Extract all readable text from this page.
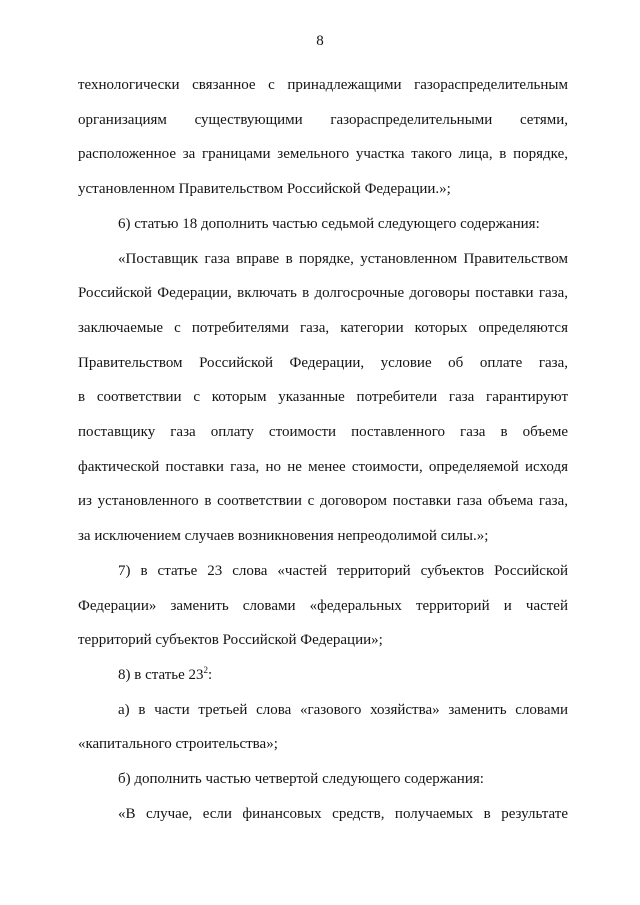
8

технологически связанное с принадлежащими газораспределительным
организациям существующими газораспределительными сетями,
расположенное за границами земельного участка такого лица, в порядке,
установленном Правительством Российской Федерации.»;

6) статью 18 дополнить частью седьмой следующего содержания:

«Поставщик газа вправе в порядке, установленном Правительством
Российской Федерации, включать в долгосрочные договоры поставки газа,
заключаемые с потребителями газа, категории которых определяются
Правительством Российской Федерации, условие об оплате газа,
в соответствии с которым указанные потребители газа гарантируют
поставщику газа оплату стоимости поставленного газа в объеме
фактической поставки газа, но не менее стоимости, определяемой исходя
из установленного в соответствии с договором поставки газа объема газа,
за исключением случаев возникновения непреодолимой силы.»;

7) в статье 23 слова «частей территорий субъектов Российской
Федерации» заменить словами «федеральных территорий и частей
территорий субъектов Российской Федерации»;

8) в статье $23^2$:

а) в части третьей слова «газового хозяйства» заменить словами
«капитального строительства»;

б) дополнить частью четвертой следующего содержания:

«В случае, если финансовых средств, получаемых в результате
